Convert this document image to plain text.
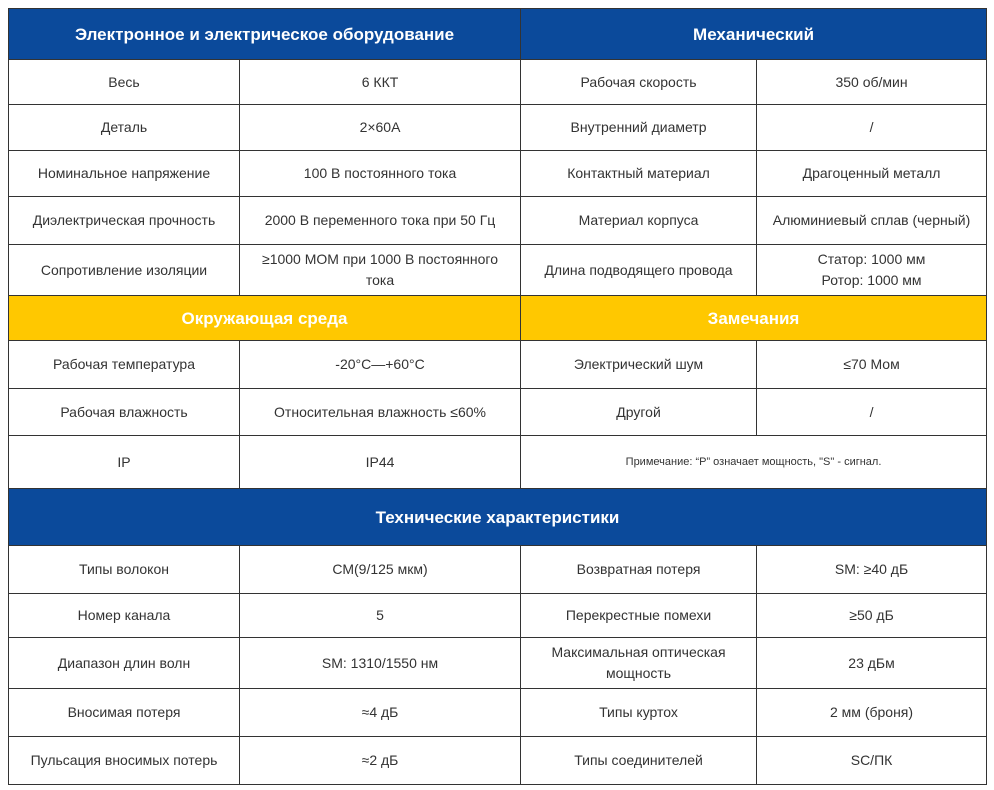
Электронное и электрическое оборудование		Механический	
Весь	6 ККТ	Рабочая скорость	350 об/мин
Деталь	2×60А	Внутренний диаметр	/
Номинальное напряжение	100 В постоянного тока	Контактный материал	Драгоценный металл
Диэлектрическая прочность	2000 В переменного тока при 50 Гц	Материал корпуса	Алюминиевый сплав (черный)
Сопротивление изоляции	≥1000 МОМ при 1000 В постоянного тока	Длина подводящего провода	Статор: 1000 мм
Ротор: 1000 мм

Окружающая среда		Замечания	
Рабочая температура	-20°C—+60°C	Электрический шум	≤70 Мом
Рабочая влажность	Относительная влажность ≤60%	Другой	/
IP	IP44	Примечание: “P” означает мощность, "S" - сигнал.	
Технические характеристики			
Типы волокон	СМ(9/125 мкм)	Возвратная потеря	SM: ≥40 дБ
Номер канала	5	Перекрестные помехи	≥50 дБ
Диапазон длин волн	SM: 1310/1550 нм	Максимальная оптическая мощность	23 дБм
Вносимая потеря	≈4 дБ	Типы куртох	2 мм (броня)
Пульсация вносимых потерь	≈2 дБ	Типы соединителей	SC/ПК
